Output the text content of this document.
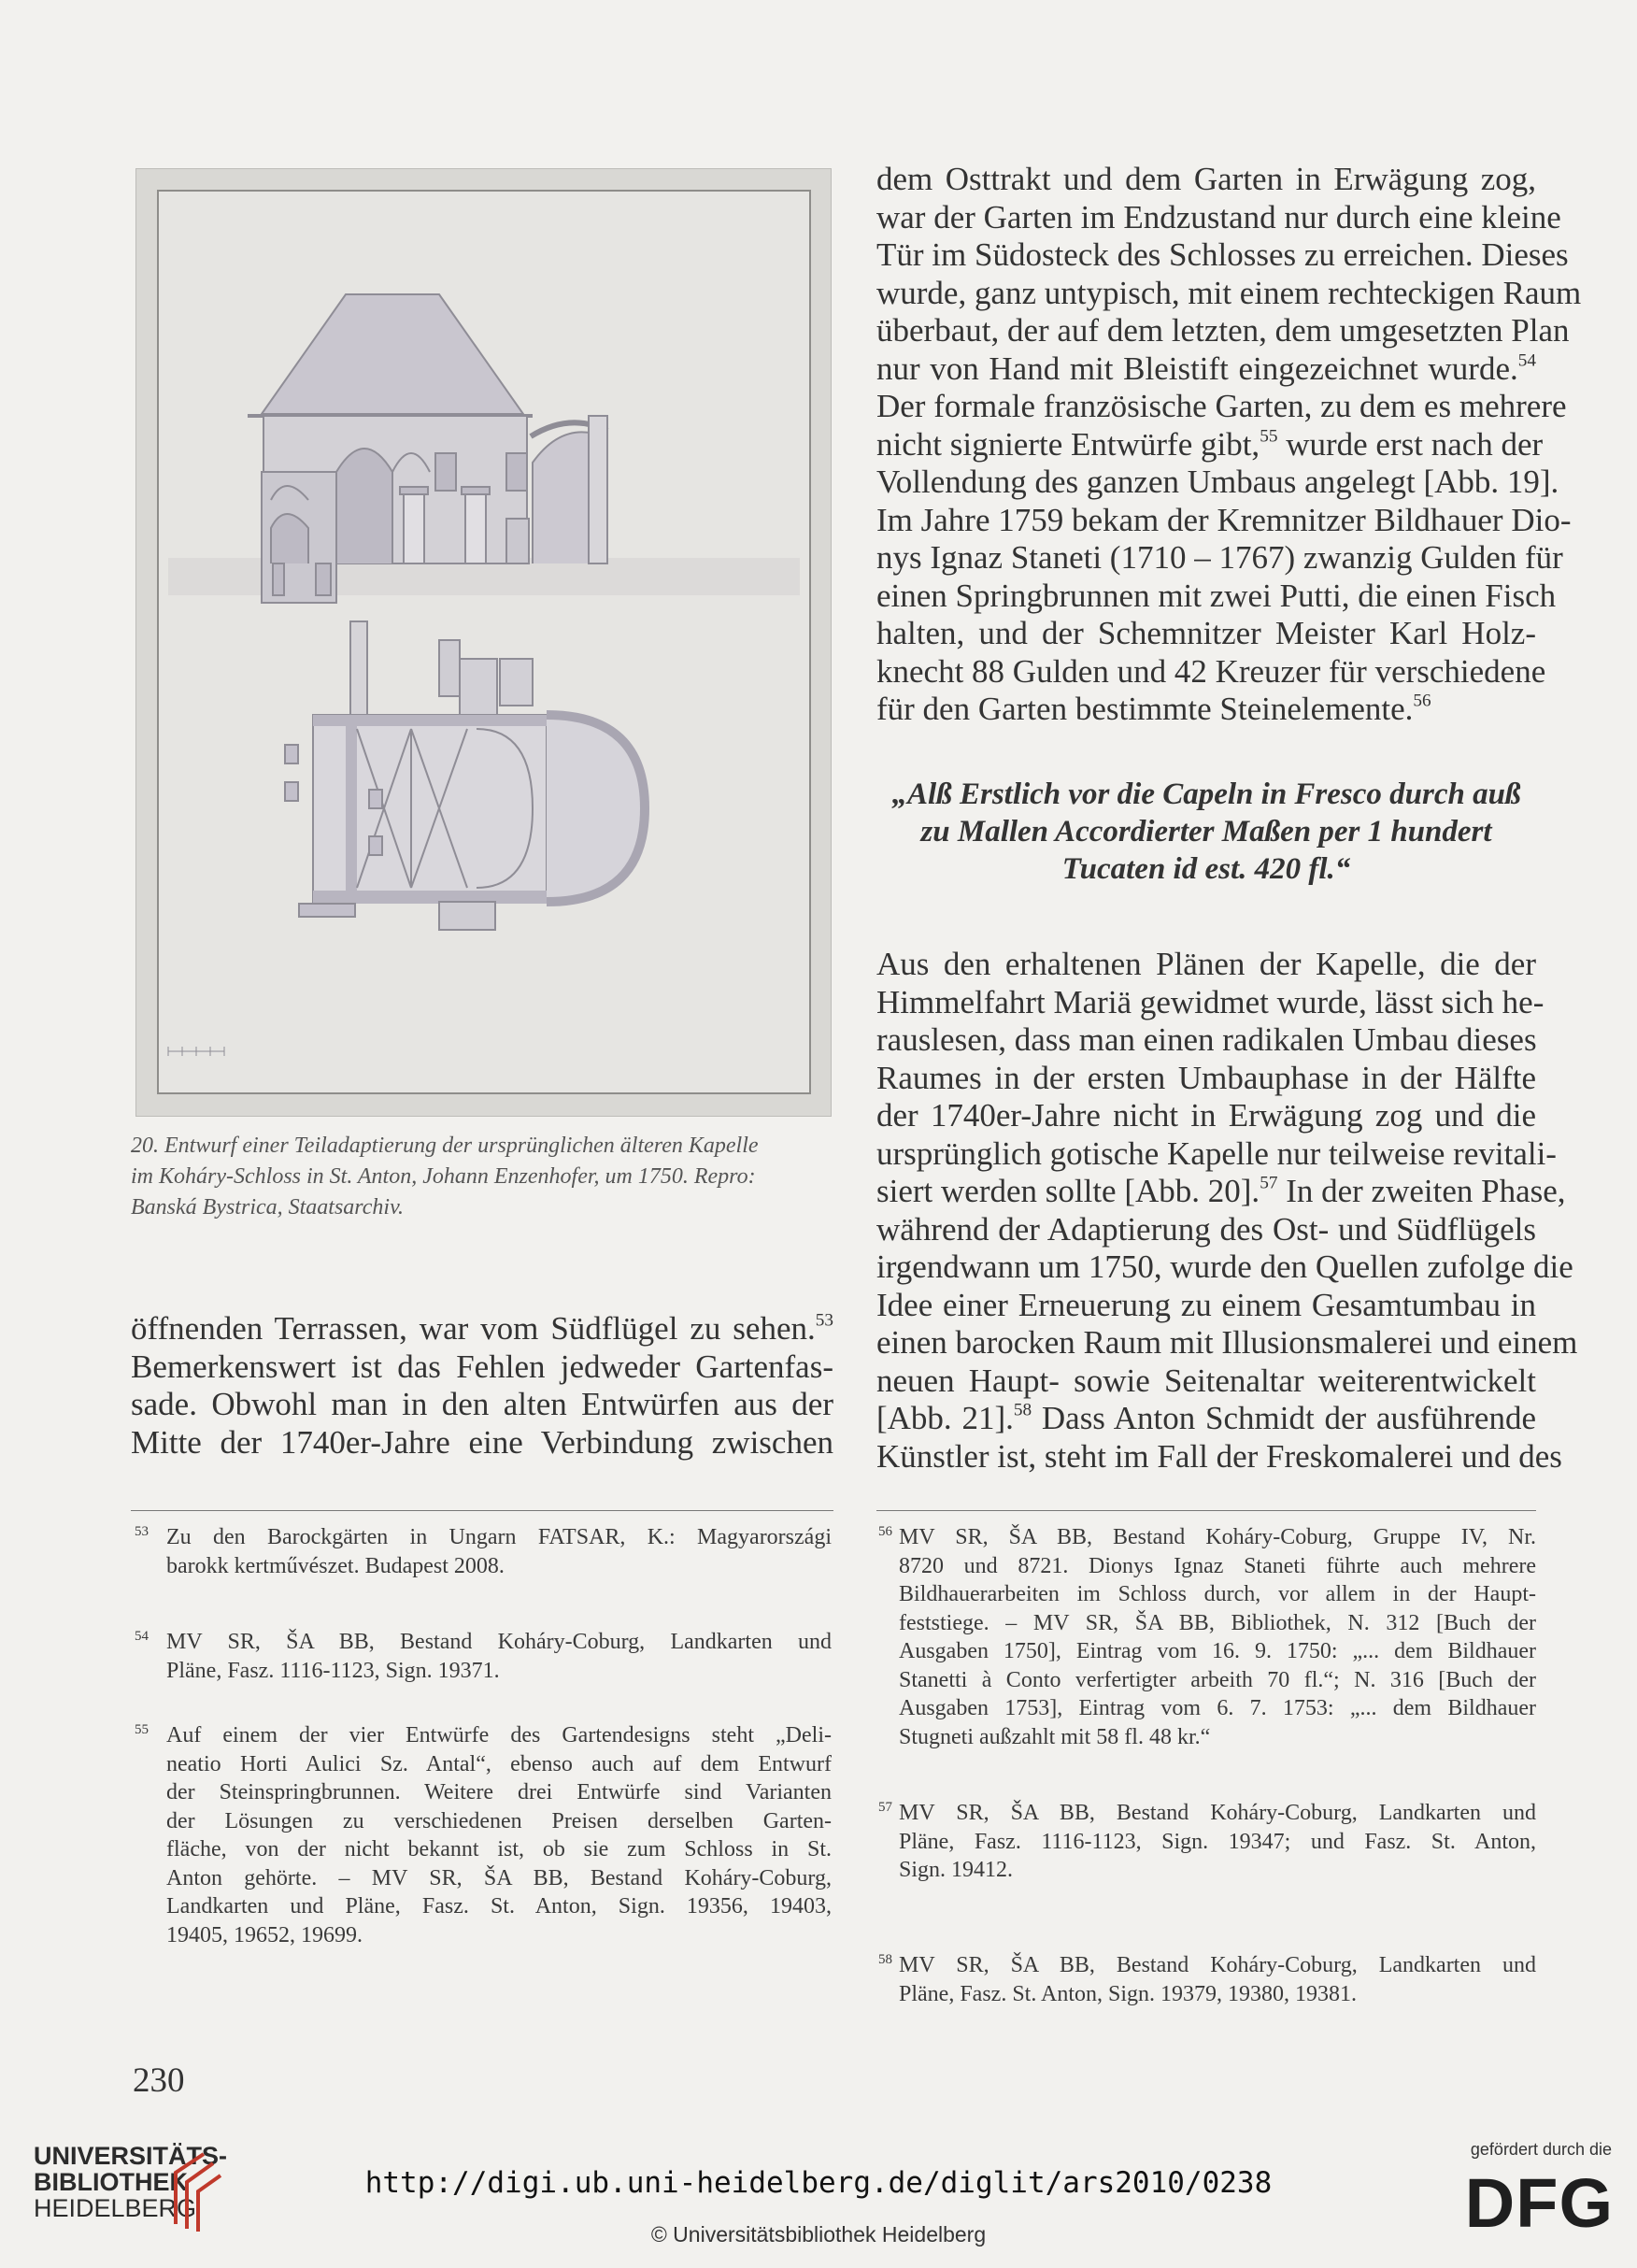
20. Entwurf einer Teiladaptierung der ursprünglichen älteren Kapelle
im Koháry-Schloss in St. Anton, Johann Enzenhofer, um 1750. Repro:
Banská Bystrica, Staatsarchiv.
dem Osttrakt und dem Garten in Erwägung zog,
war der Garten im Endzustand nur durch eine kleine
Tür im Südosteck des Schlosses zu erreichen. Dieses
wurde, ganz untypisch, mit einem rechteckigen Raum
überbaut, der auf dem letzten, dem umgesetzten Plan
nur von Hand mit Bleistift eingezeichnet wurde.$^{54}$
Der formale französische Garten, zu dem es mehrere
nicht signierte Entwürfe gibt,$^{55}$ wurde erst nach der
Vollendung des ganzen Umbaus angelegt [Abb. 19].
Im Jahre 1759 bekam der Kremnitzer Bildhauer Dio-
nys Ignaz Staneti (1710 – 1767) zwanzig Gulden für
einen Springbrunnen mit zwei Putti, die einen Fisch
halten, und der Schemnitzer Meister Karl Holz-
knecht 88 Gulden und 42 Kreuzer für verschiedene
für den Garten bestimmte Steinelemente.$^{56}$
„Alß Erstlich vor die Capeln in Fresco durch auß
zu Mallen Accordierter Maßen per 1 hundert
Tucaten id est. 420 fl.“
Aus den erhaltenen Plänen der Kapelle, die der
Himmelfahrt Mariä gewidmet wurde, lässt sich he-
rauslesen, dass man einen radikalen Umbau dieses
Raumes in der ersten Umbauphase in der Hälfte
der 1740er-Jahre nicht in Erwägung zog und die
ursprünglich gotische Kapelle nur teilweise revitali-
siert werden sollte [Abb. 20].$^{57}$ In der zweiten Phase,
während der Adaptierung des Ost- und Südflügels
irgendwann um 1750, wurde den Quellen zufolge die
Idee einer Erneuerung zu einem Gesamtumbau in
einen barocken Raum mit Illusionsmalerei und einem
neuen Haupt- sowie Seitenaltar weiterentwickelt
[Abb. 21].$^{58}$ Dass Anton Schmidt der ausführende
Künstler ist, steht im Fall der Freskomalerei und des
öffnenden Terrassen, war vom Südflügel zu sehen.$^{53}$
Bemerkenswert ist das Fehlen jedweder Gartenfas-
sade. Obwohl man in den alten Entwürfen aus der
Mitte der 1740er-Jahre eine Verbindung zwischen
53 Zu den Barockgärten in Ungarn FATSAR, K.: Magyarországi
barokk kertművészet. Budapest 2008.
54 MV SR, ŠA BB, Bestand Koháry-Coburg, Landkarten und
Pläne, Fasz. 1116-1123, Sign. 19371.
55 Auf einem der vier Entwürfe des Gartendesigns steht „Deli-
neatio Horti Aulici Sz. Antal“, ebenso auch auf dem Entwurf
der Steinspringbrunnen. Weitere drei Entwürfe sind Varianten
der Lösungen zu verschiedenen Preisen derselben Garten-
fläche, von der nicht bekannt ist, ob sie zum Schloss in St.
Anton gehörte. – MV SR, ŠA BB, Bestand Koháry-Coburg,
Landkarten und Pläne, Fasz. St. Anton, Sign. 19356, 19403,
19405, 19652, 19699.
56 MV SR, ŠA BB, Bestand Koháry-Coburg, Gruppe IV, Nr.
8720 und 8721. Dionys Ignaz Staneti führte auch mehrere
Bildhauerarbeiten im Schloss durch, vor allem in der Haupt-
feststiege. – MV SR, ŠA BB, Bibliothek, N. 312 [Buch der
Ausgaben 1750], Eintrag vom 16. 9. 1750: „... dem Bildhauer
Stanetti à Conto verfertigter arbeith 70 fl.“; N. 316 [Buch der
Ausgaben 1753], Eintrag vom 6. 7. 1753: „... dem Bildhauer
Stugneti außzahlt mit 58 fl. 48 kr.“
57 MV SR, ŠA BB, Bestand Koháry-Coburg, Landkarten und
Pläne, Fasz. 1116-1123, Sign. 19347; und Fasz. St. Anton,
Sign. 19412.
58 MV SR, ŠA BB, Bestand Koháry-Coburg, Landkarten und
Pläne, Fasz. St. Anton, Sign. 19379, 19380, 19381.
230
UNIVERSITÄTS-
BIBLIOTHEK
HEIDELBERG
http://digi.ub.uni-heidelberg.de/diglit/ars2010/0238
© Universitätsbibliothek Heidelberg
gefördert durch die
DFG
